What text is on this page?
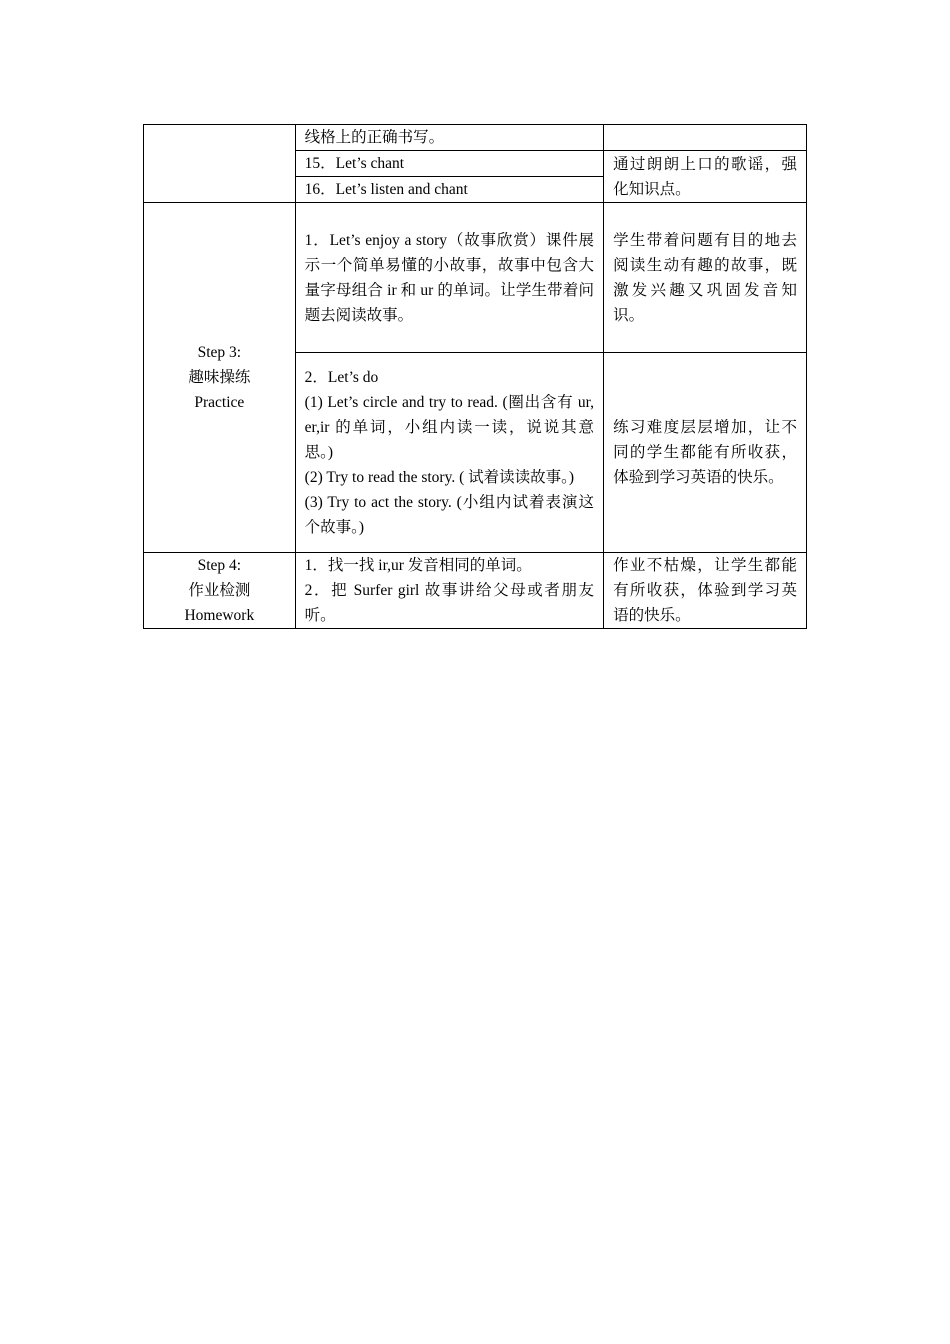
	线格上的正确书写。	
	15．Let’s chant	通过朗朗上口的歌谣，强化知识点。
	16．Let’s listen and chant	

Step 3:
趣味操练
Practice	1．Let’s enjoy a story（故事欣赏）课件展示一个简单易懂的小故事，故事中包含大量字母组合 ir 和 ur 的单词。让学生带着问题去阅读故事。	学生带着问题有目的地去阅读生动有趣的故事，既激发兴趣又巩固发音知识。

	2．Let’s do
(1) Let’s circle and try to read. (圈出含有 ur, er,ir 的单词，小组内读一读，说说其意思。)
(2) Try to read the story. ( 试着读读故事。)
(3) Try to act the story. (小组内试着表演这个故事。)	练习难度层层增加，让不同的学生都能有所收获，体验到学习英语的快乐。

Step 4:
作业检测
Homework	1．找一找 ir,ur 发音相同的单词。
2．把 Surfer girl 故事讲给父母或者朋友听。	作业不枯燥，让学生都能有所收获，体验到学习英语的快乐。
